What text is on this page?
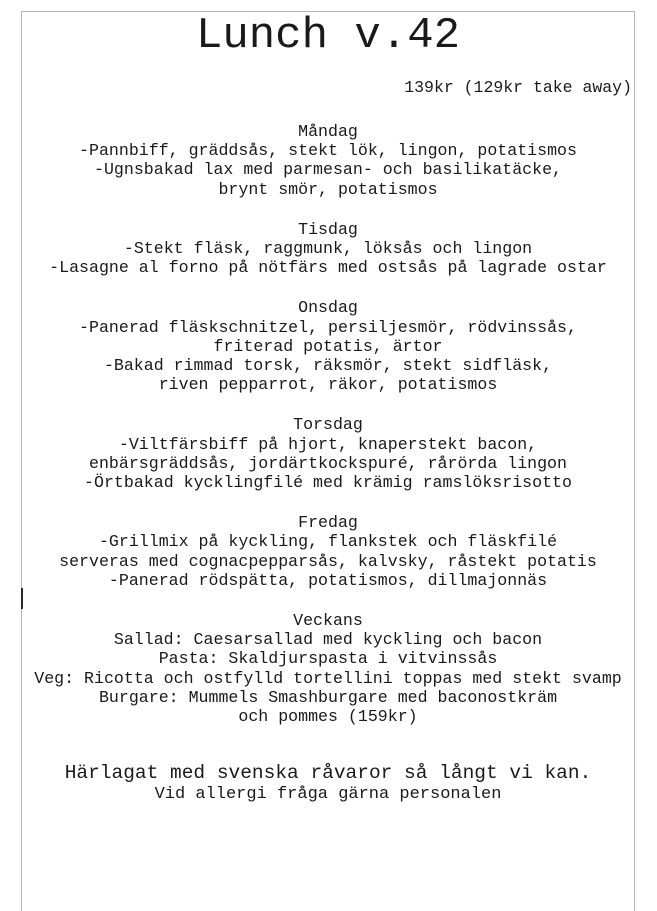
Lunch v.42
139kr (129kr take away)
Måndag
-Pannbiff, gräddsås, stekt lök, lingon, potatismos
-Ugnsbakad lax med parmesan- och basilikatäcke,
brynt smör, potatismos
Tisdag
-Stekt fläsk, raggmunk, löksås och lingon
-Lasagne al forno på nötfärs med ostsås på lagrade ostar
Onsdag
-Panerad fläskschnitzel, persiljesmör, rödvinssås,
friterad potatis, ärtor
-Bakad rimmad torsk, räksmör, stekt sidfläsk,
riven pepparrot, räkor, potatismos
Torsdag
-Viltfärsbiff på hjort, knaperstekt bacon,
enbärsgräddsås, jordärtkockspuré, rårörda lingon
-Örtbakad kycklingfilé med krämig ramslöksrisotto
Fredag
-Grillmix på kyckling, flankstek och fläskfilé
serveras med cognacpepparsås, kalvsky, råstekt potatis
-Panerad rödspätta, potatismos, dillmajonnäs
Veckans
Sallad: Caesarsallad med kyckling och bacon
Pasta: Skaldjurspasta i vitvinssås
Veg: Ricotta och ostfylld tortellini toppas med stekt svamp
Burgare: Mummels Smashburgare med baconostkräm
och pommes (159kr)
Härlagat med svenska råvaror så långt vi kan.
Vid allergi fråga gärna personalen
